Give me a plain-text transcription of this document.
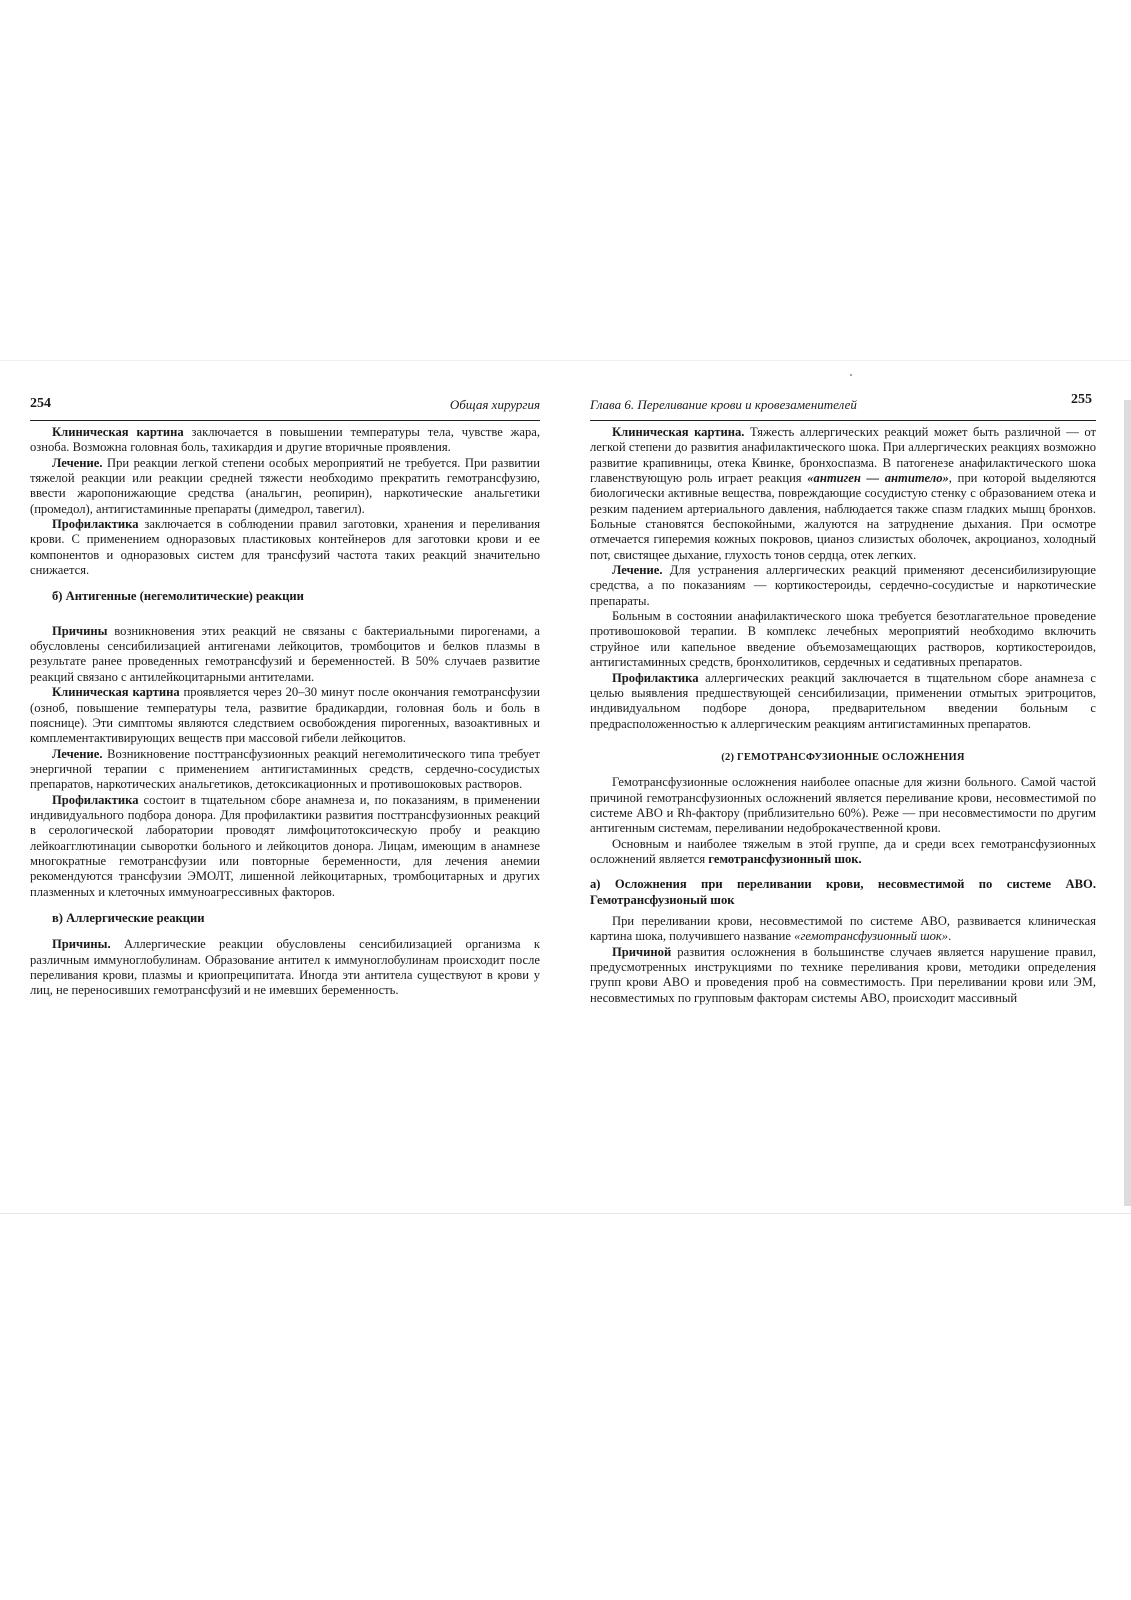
254	Общая хирургия

Клиническая картина заключается в повышении температуры тела, чувстве жара, озноба. Возможна головная боль, тахикардия и другие вторичные проявления.

Лечение. При реакции легкой степени особых мероприятий не требуется. При развитии тяжелой реакции или реакции средней тяжести необходимо прекратить гемотрансфузию, ввести жаропонижающие средства (анальгин, реопирин), наркотические анальгетики (промедол), антигистаминные препараты (димедрол, тавегил).

Профилактика заключается в соблюдении правил заготовки, хранения и переливания крови. С применением одноразовых пластиковых контейнеров для заготовки крови и ее компонентов и одноразовых систем для трансфузий частота таких реакций значительно снижается.

б) Антигенные (негемолитические) реакции

Причины возникновения этих реакций не связаны с бактериальными пирогенами, а обусловлены сенсибилизацией антигенами лейкоцитов, тромбоцитов и белков плазмы в результате ранее проведенных гемотрансфузий и беременностей. В 50% случаев развитие реакций связано с антилейкоцитарными антителами.

Клиническая картина проявляется через 20–30 минут после окончания гемотрансфузии (озноб, повышение температуры тела, развитие брадикардии, головная боль и боль в пояснице). Эти симптомы являются следствием освобождения пирогенных, вазоактивных и комплементактивирующих веществ при массовой гибели лейкоцитов.

Лечение. Возникновение посттрансфузионных реакций негемолитического типа требует энергичной терапии с применением антигистаминных средств, сердечно-сосудистых препаратов, наркотических анальгетиков, детоксикационных и противошоковых растворов.

Профилактика состоит в тщательном сборе анамнеза и, по показаниям, в применении индивидуального подбора донора. Для профилактики развития посттрансфузионных реакций в серологической лаборатории проводят лимфоцитотоксическую пробу и реакцию лейкоагглютинации сыворотки больного и лейкоцитов донора. Лицам, имеющим в анамнезе многократные гемотрансфузии или повторные беременности, для лечения анемии рекомендуются трансфузии ЭМОЛТ, лишенной лейкоцитарных, тромбоцитарных и других плазменных и клеточных иммуноагрессивных факторов.

в) Аллергические реакции

Причины. Аллергические реакции обусловлены сенсибилизацией организма к различным иммуноглобулинам. Образование антител к иммуноглобулинам происходит после переливания крови, плазмы и криопреципитата. Иногда эти антитела существуют в крови у лиц, не переносивших гемотрансфузий и не имевших беременность.

Глава 6. Переливание крови и кровезаменителей	255

Клиническая картина. Тяжесть аллергических реакций может быть различной — от легкой степени до развития анафилактического шока. При аллергических реакциях возможно развитие крапивницы, отека Квинке, бронхоспазма. В патогенезе анафилактического шока главенствующую роль играет реакция «антиген — антитело», при которой выделяются биологически активные вещества, повреждающие сосудистую стенку с образованием отека и резким падением артериального давления, наблюдается также спазм гладких мышц бронхов. Больные становятся беспокойными, жалуются на затруднение дыхания. При осмотре отмечается гиперемия кожных покровов, цианоз слизистых оболочек, акроцианоз, холодный пот, свистящее дыхание, глухость тонов сердца, отек легких.

Лечение. Для устранения аллергических реакций применяют десенсибилизирующие средства, а по показаниям — кортикостероиды, сердечно-сосудистые и наркотические препараты.

Больным в состоянии анафилактического шока требуется безотлагательное проведение противошоковой терапии. В комплекс лечебных мероприятий необходимо включить струйное или капельное введение объемозамещающих растворов, кортикостероидов, антигистаминных средств, бронхолитиков, сердечных и седативных препаратов.

Профилактика аллергических реакций заключается в тщательном сборе анамнеза с целью выявления предшествующей сенсибилизации, применении отмытых эритроцитов, индивидуальном подборе донора, предварительном введении больным с предрасположенностью к аллергическим реакциям антигистаминных препаратов.

(2) ГЕМОТРАНСФУЗИОННЫЕ ОСЛОЖНЕНИЯ

Гемотрансфузионные осложнения наиболее опасные для жизни больного. Самой частой причиной гемотрансфузионных осложнений является переливание крови, несовместимой по системе АВО и Rh-фактору (приблизительно 60%). Реже — при несовместимости по другим антигенным системам, переливании недоброкачественной крови.

Основным и наиболее тяжелым в этой группе, да и среди всех гемотрансфузионных осложнений является гемотрансфузионный шок.

а) Осложнения при переливании крови, несовместимой по системе АВО. Гемотрансфузионый шок

При переливании крови, несовместимой по системе АВО, развивается клиническая картина шока, получившего название «гемотрансфузионный шок».

Причиной развития осложнения в большинстве случаев является нарушение правил, предусмотренных инструкциями по технике переливания крови, методики определения групп крови АВО и проведения проб на совместимость. При переливании крови или ЭМ, несовместимых по групповым факторам системы АВО, происходит массивный
